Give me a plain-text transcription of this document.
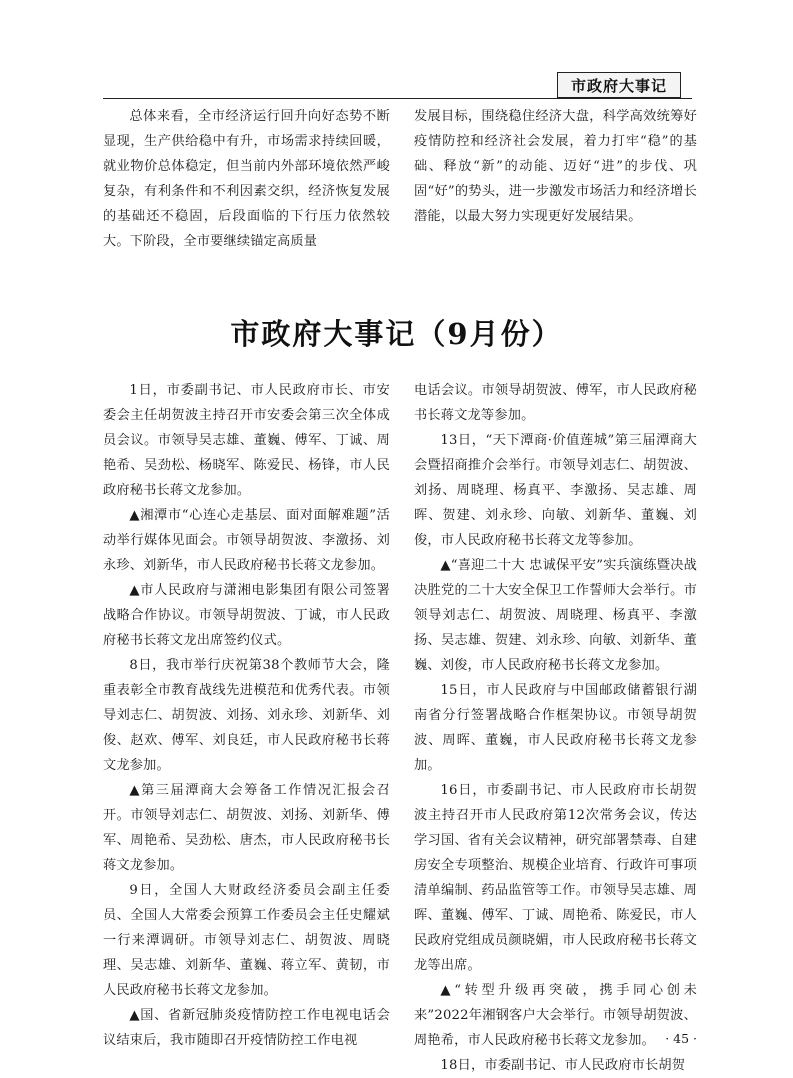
市政府大事记

总体来看，全市经济运行回升向好态势不断显现，生产供给稳中有升，市场需求持续回暖，就业物价总体稳定，但当前内外部环境依然严峻复杂，有利条件和不利因素交织，经济恢复发展的基础还不稳固，后段面临的下行压力依然较大。下阶段，全市要继续锚定高质量

发展目标，围绕稳住经济大盘，科学高效统筹好疫情防控和经济社会发展，着力打牢“稳”的基础、释放“新”的动能、迈好“进”的步伐、巩固“好”的势头，进一步激发市场活力和经济增长潜能，以最大努力实现更好发展结果。

市政府大事记（9月份）

1日，市委副书记、市人民政府市长、市安委会主任胡贺波主持召开市安委会第三次全体成员会议。市领导吴志雄、董巍、傅军、丁诚、周艳希、吴劲松、杨晓军、陈爱民、杨锋，市人民政府秘书长蒋文龙参加。

▲湘潭市“心连心走基层、面对面解难题”活动举行媒体见面会。市领导胡贺波、李激扬、刘永珍、刘新华，市人民政府秘书长蒋文龙参加。

▲市人民政府与潇湘电影集团有限公司签署战略合作协议。市领导胡贺波、丁诚，市人民政府秘书长蒋文龙出席签约仪式。

8日，我市举行庆祝第38个教师节大会，隆重表彰全市教育战线先进模范和优秀代表。市领导刘志仁、胡贺波、刘扬、刘永珍、刘新华、刘俊、赵欢、傅军、刘良廷，市人民政府秘书长蒋文龙参加。

▲第三届潭商大会筹备工作情况汇报会召开。市领导刘志仁、胡贺波、刘扬、刘新华、傅军、周艳希、吴劲松、唐杰，市人民政府秘书长蒋文龙参加。

9日，全国人大财政经济委员会副主任委员、全国人大常委会预算工作委员会主任史耀斌一行来潭调研。市领导刘志仁、胡贺波、周晓理、吴志雄、刘新华、董巍、蒋立军、黄韧，市人民政府秘书长蒋文龙参加。

▲国、省新冠肺炎疫情防控工作电视电话会议结束后，我市随即召开疫情防控工作电视

电话会议。市领导胡贺波、傅军，市人民政府秘书长蒋文龙等参加。

13日，“天下潭商·价值莲城”第三届潭商大会暨招商推介会举行。市领导刘志仁、胡贺波、刘扬、周晓理、杨真平、李激扬、吴志雄、周晖、贺建、刘永珍、向敏、刘新华、董巍、刘俊，市人民政府秘书长蒋文龙等参加。

▲“喜迎二十大 忠诚保平安”实兵演练暨决战决胜党的二十大安全保卫工作誓师大会举行。市领导刘志仁、胡贺波、周晓理、杨真平、李激扬、吴志雄、贺建、刘永珍、向敏、刘新华、董巍、刘俊，市人民政府秘书长蒋文龙参加。

15日，市人民政府与中国邮政储蓄银行湖南省分行签署战略合作框架协议。市领导胡贺波、周晖、董巍，市人民政府秘书长蒋文龙参加。

16日，市委副书记、市人民政府市长胡贺波主持召开市人民政府第12次常务会议，传达学习国、省有关会议精神，研究部署禁毒、自建房安全专项整治、规模企业培育、行政许可事项清单编制、药品监管等工作。市领导吴志雄、周晖、董巍、傅军、丁诚、周艳希、陈爱民，市人民政府党组成员颜晓媚，市人民政府秘书长蒋文龙等出席。

▲“转型升级再突破，携手同心创未来”2022年湘钢客户大会举行。市领导胡贺波、周艳希，市人民政府秘书长蒋文龙参加。

18日，市委副书记、市人民政府市长胡贺

· 45 ·
